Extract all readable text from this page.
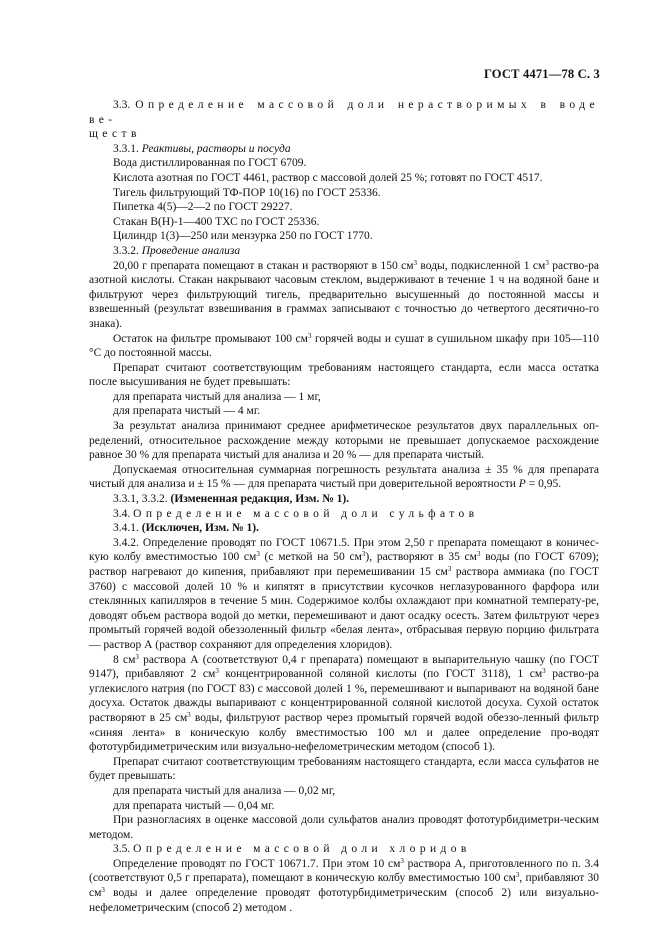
ГОСТ 4471—78 С. 3

3.3. Определение массовой доли нерастворимых в воде ве-

ществ

3.3.1. Реактивы, растворы и посуда

Вода дистиллированная по ГОСТ 6709.

Кислота азотная по ГОСТ 4461, раствор с массовой долей 25 %; готовят по ГОСТ 4517.

Тигель фильтрующий ТФ-ПОР 10(16) по ГОСТ 25336.

Пипетка 4(5)—2—2 по ГОСТ 29227.

Стакан В(Н)-1—400 ТХС по ГОСТ 25336.

Цилиндр 1(3)—250 или мензурка 250 по ГОСТ 1770.

3.3.2. Проведение анализа

20,00 г препарата помещают в стакан и растворяют в 150 $см^3$ воды, подкисленной 1 $см^3$ раство-ра азотной кислоты. Стакан накрывают часовым стеклом, выдерживают в течение 1 ч на водяной бане и фильтруют через фильтрующий тигель, предварительно высушенный до постоянной массы и взвешенный (результат взвешивания в граммах записывают с точностью до четвертого десятично-го знака).

Остаток на фильтре промывают 100 $см^3$ горячей воды и сушат в сушильном шкафу при 105—110 °С до постоянной массы.

Препарат считают соответствующим требованиям настоящего стандарта, если масса остатка после высушивания не будет превышать:

для препарата чистый для анализа — 1 мг,

для препарата чистый — 4 мг.

За результат анализа принимают среднее арифметическое результатов двух параллельных оп-ределений, относительное расхождение между которыми не превышает допускаемое расхождение равное 30 % для препарата чистый для анализа и 20 % — для препарата чистый.

Допускаемая относительная суммарная погрешность результата анализа ± 35 % для препарата чистый для анализа и ± 15 % — для препарата чистый при доверительной вероятности Р = 0,95.

3.3.1, 3.3.2. (Измененная редакция, Изм. № 1).

3.4. Определение массовой доли сульфатов

3.4.1. (Исключен, Изм. № 1).

3.4.2. Определение проводят по ГОСТ 10671.5. При этом 2,50 г препарата помещают в коничес-кую колбу вместимостью 100 $см^3$ (с меткой на 50 $см^3$), растворяют в 35 $см^3$ воды (по ГОСТ 6709); раствор нагревают до кипения, прибавляют при перемешивании 15 $см^3$ раствора аммиака (по ГОСТ 3760) с массовой долей 10 % и кипятят в присутствии кусочков неглазурованного фарфора или стеклянных капилляров в течение 5 мин. Содержимое колбы охлаждают при комнатной температу-ре, доводят объем раствора водой до метки, перемешивают и дают осадку осесть. Затем фильтруют через промытый горячей водой обеззоленный фильтр «белая лента», отбрасывая первую порцию фильтрата — раствор А (раствор сохраняют для определения хлоридов).

8 $см^3$ раствора А (соответствуют 0,4 г препарата) помещают в выпарительную чашку (по ГОСТ 9147), прибавляют 2 $см^3$ концентрированной соляной кислоты (по ГОСТ 3118), 1 $см^3$ раство-ра углекислого натрия (по ГОСТ 83) с массовой долей 1 %, перемешивают и выпаривают на водяной бане досуха. Остаток дважды выпаривают с концентрированной соляной кислотой досуха. Сухой остаток растворяют в 25 $см^3$ воды, фильтруют раствор через промытый горячей водой обеззо-ленный фильтр «синяя лента» в коническую колбу вместимостью 100 мл и далее определение про-водят фототурбидиметрическим или визуально-нефелометрическим методом (способ 1).

Препарат считают соответствующим требованиям настоящего стандарта, если масса сульфатов не будет превышать:

для препарата чистый для анализа — 0,02 мг,

для препарата чистый — 0,04 мг.

При разногласиях в оценке массовой доли сульфатов анализ проводят фототурбидиметри-ческим методом.

3.5. Определение массовой доли хлоридов

Определение проводят по ГОСТ 10671.7. При этом 10 $см^3$ раствора А, приготовленного по п. 3.4 (соответствуют 0,5 г препарата), помещают в коническую колбу вместимостью 100 $см^3$, прибавляют 30 $см^3$ воды и далее определение проводят фототурбидиметрическим (способ 2) или визуально-нефелометрическим (способ 2) методом .
